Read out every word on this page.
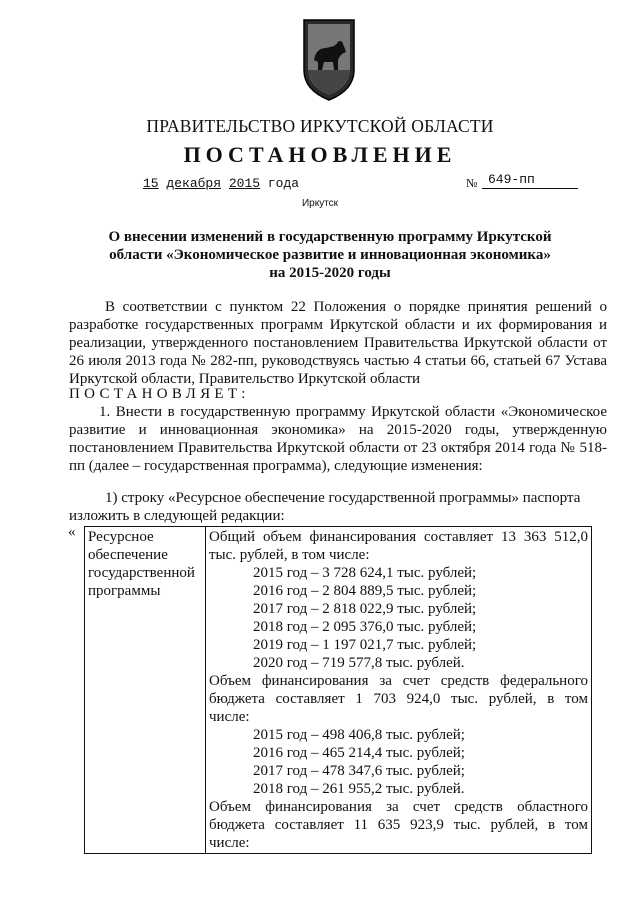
ПРАВИТЕЛЬСТВО ИРКУТСКОЙ ОБЛАСТИ
ПОСТАНОВЛЕНИЕ
15 декабря 2015 года	№ 649-пп
Иркутск
О внесении изменений в государственную программу Иркутской области «Экономическое развитие и инновационная экономика» на 2015-2020 годы
В соответствии с пунктом 22 Положения о порядке принятия решений о разработке государственных программ Иркутской области и их формирования и реализации, утвержденного постановлением Правительства Иркутской области от 26 июля 2013 года № 282-пп, руководствуясь частью 4 статьи 66, статьей 67 Устава Иркутской области, Правительство Иркутской области
ПОСТАНОВЛЯЕТ:
1. Внести в государственную программу Иркутской области «Экономическое развитие и инновационная экономика» на 2015-2020 годы, утвержденную постановлением Правительства Иркутской области от 23 октября 2014 года № 518-пп (далее – государственная программа), следующие изменения:
1) строку «Ресурсное обеспечение государственной программы» паспорта
изложить в следующей редакции:
« Ресурсное
обеспечение
государственной
программы

Общий объем финансирования составляет 13 363 512,0
тыс. рублей, в том числе:
2015 год – 3 728 624,1 тыс. рублей;
2016 год – 2 804 889,5 тыс. рублей;
2017 год – 2 818 022,9 тыс. рублей;
2018 год – 2 095 376,0 тыс. рублей;
2019 год – 1 197 021,7 тыс. рублей;
2020 год – 719 577,8 тыс. рублей.
Объем финансирования за счет средств федерального
бюджета составляет 1 703 924,0 тыс. рублей, в том
числе:
2015 год – 498 406,8 тыс. рублей;
2016 год – 465 214,4 тыс. рублей;
2017 год – 478 347,6 тыс. рублей;
2018 год – 261 955,2 тыс. рублей.
Объем финансирования за счет средств областного
бюджета составляет 11 635 923,9 тыс. рублей, в том
числе:
